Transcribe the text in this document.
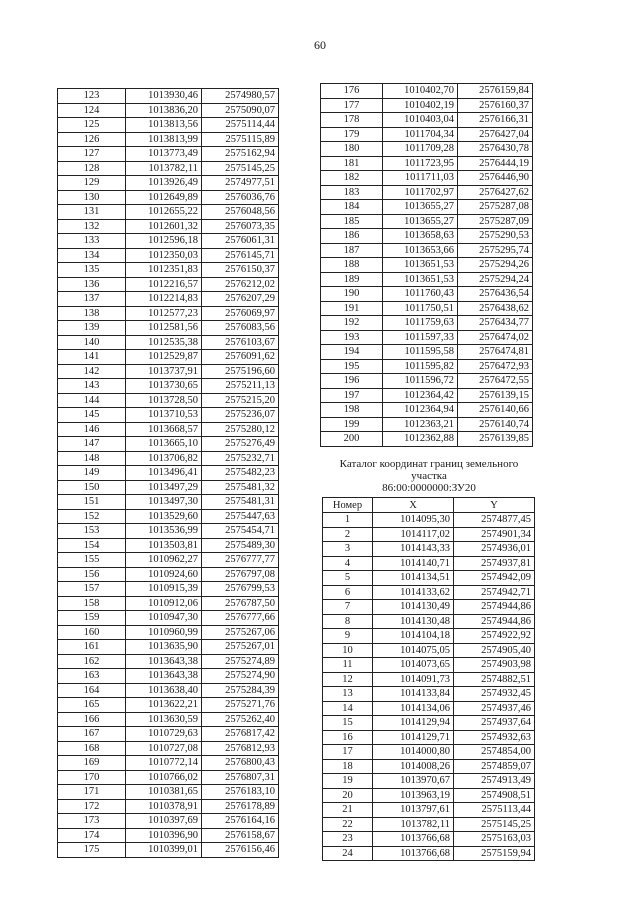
60
123	1013930,46	2574980,57
124	1013836,20	2575090,07
125	1013813,56	2575114,44
126	1013813,99	2575115,89
127	1013773,49	2575162,94
128	1013782,11	2575145,25
129	1013926,49	2574977,51
130	1012649,89	2576036,76
131	1012655,22	2576048,56
132	1012601,32	2576073,35
133	1012596,18	2576061,31
134	1012350,03	2576145,71
135	1012351,83	2576150,37
136	1012216,57	2576212,02
137	1012214,83	2576207,29
138	1012577,23	2576069,97
139	1012581,56	2576083,56
140	1012535,38	2576103,67
141	1012529,87	2576091,62
142	1013737,91	2575196,60
143	1013730,65	2575211,13
144	1013728,50	2575215,20
145	1013710,53	2575236,07
146	1013668,57	2575280,12
147	1013665,10	2575276,49
148	1013706,82	2575232,71
149	1013496,41	2575482,23
150	1013497,29	2575481,32
151	1013497,30	2575481,31
152	1013529,60	2575447,63
153	1013536,99	2575454,71
154	1013503,81	2575489,30
155	1010962,27	2576777,77
156	1010924,60	2576797,08
157	1010915,39	2576799,53
158	1010912,06	2576787,50
159	1010947,30	2576777,66
160	1010960,99	2575267,06
161	1013635,90	2575267,01
162	1013643,38	2575274,89
163	1013643,38	2575274,90
164	1013638,40	2575284,39
165	1013622,21	2575271,76
166	1013630,59	2575262,40
167	1010729,63	2576817,42
168	1010727,08	2576812,93
169	1010772,14	2576800,43
170	1010766,02	2576807,31
171	1010381,65	2576183,10
172	1010378,91	2576178,89
173	1010397,69	2576164,16
174	1010396,90	2576158,67
175	1010399,01	2576156,46
176	1010402,70	2576159,84
177	1010402,19	2576160,37
178	1010403,04	2576166,31
179	1011704,34	2576427,04
180	1011709,28	2576430,78
181	1011723,95	2576444,19
182	1011711,03	2576446,90
183	1011702,97	2576427,62
184	1013655,27	2575287,08
185	1013655,27	2575287,09
186	1013658,63	2575290,53
187	1013653,66	2575295,74
188	1013651,53	2575294,26
189	1013651,53	2575294,24
190	1011760,43	2576436,54
191	1011750,51	2576438,62
192	1011759,63	2576434,77
193	1011597,33	2576474,02
194	1011595,58	2576474,81
195	1011595,82	2576472,93
196	1011596,72	2576472,55
197	1012364,42	2576139,15
198	1012364,94	2576140,66
199	1012363,21	2576140,74
200	1012362,88	2576139,85
Каталог координат границ земельного
участка
86:00:0000000:ЗУ20
Номер	X	Y
1	1014095,30	2574877,45
2	1014117,02	2574901,34
3	1014143,33	2574936,01
4	1014140,71	2574937,81
5	1014134,51	2574942,09
6	1014133,62	2574942,71
7	1014130,49	2574944,86
8	1014130,48	2574944,86
9	1014104,18	2574922,92
10	1014075,05	2574905,40
11	1014073,65	2574903,98
12	1014091,73	2574882,51
13	1014133,84	2574932,45
14	1014134,06	2574937,46
15	1014129,94	2574937,64
16	1014129,71	2574932,63
17	1014000,80	2574854,00
18	1014008,26	2574859,07
19	1013970,67	2574913,49
20	1013963,19	2574908,51
21	1013797,61	2575113,44
22	1013782,11	2575145,25
23	1013766,68	2575163,03
24	1013766,68	2575159,94
